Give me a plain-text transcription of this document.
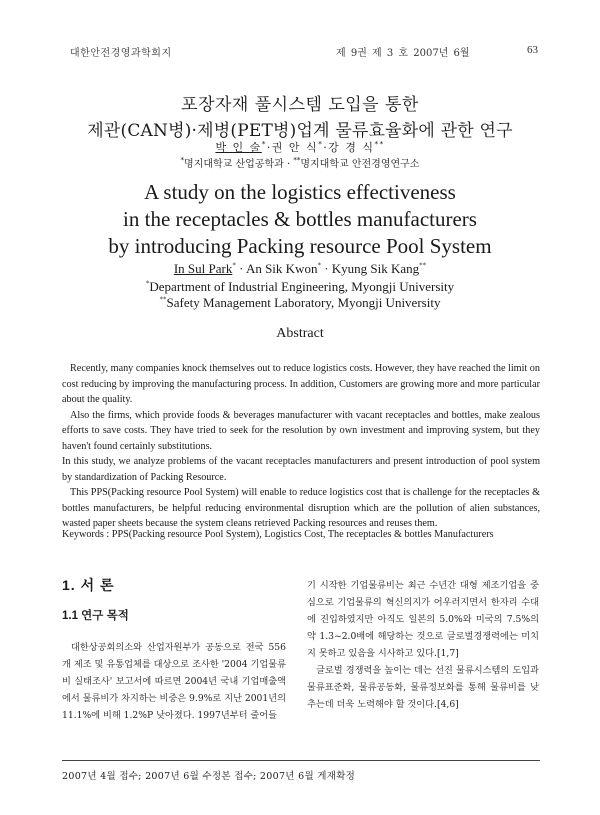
대한안전경영과학회지	제 9권 제 3 호 2007년 6월	63
포장자재 풀시스템 도입을 통한
제관(CAN병)·제병(PET병)업계 물류효율화에 관한 연구
박 인 술*·권 안 식*·강 경 식**
*명지대학교 산업공학과 · **명지대학교 안전경영연구소
A study on the logistics effectiveness
in the receptacles & bottles manufacturers
by introducing Packing resource Pool System
In Sul Park* · An Sik Kwon* · Kyung Sik Kang**
*Department of Industrial Engineering, Myongji University
**Safety Management Laboratory, Myongji University
Abstract

Recently, many companies knock themselves out to reduce logistics costs. However, they have reached the limit on cost reducing by improving the manufacturing process. In addition, Customers are growing more and more particular about the quality.

Also the firms, which provide foods & beverages manufacturer with vacant receptacles and bottles, make zealous efforts to save costs. They have tried to seek for the resolution by own investment and improving system, but they haven't found certainly substitutions.

In this study, we analyze problems of the vacant receptacles manufacturers and present introduction of pool system by standardization of Packing Resource.

This PPS(Packing resource Pool System) will enable to reduce logistics cost that is challenge for the receptacles & bottles manufacturers, be helpful reducing environmental disruption which are the pollution of alien substances, wasted paper sheets because the system cleans retrieved Packing resources and reuses them.

Keywords : PPS(Packing resource Pool System), Logistics Cost, The receptacles & bottles Manufacturers
1. 서 론
1.1 연구 목적

대한상공회의소와 산업자원부가 공동으로 전국 556개 제조 및 유통업체를 대상으로 조사한 '2004 기업물류비 실태조사' 보고서에 따르면 2004년 국내 기업매출액에서 물류비가 차지하는 비중은 9.9%로 지난 2001년의 11.1%에 비해 1.2%P 낮아졌다. 1997년부터 줄어들

기 시작한 기업물류비는 최근 수년간 대형 제조기업을 중심으로 기업물류의 혁신의지가 어우러지면서 한자리 수대에 진입하였지만 아직도 일본의 5.0%와 미국의 7.5%의 약 1.3~2.0배에 해당하는 것으로 글로벌경쟁력에는 미치지 못하고 있음을 시사하고 있다.[1,7]

글로벌 경쟁력을 높이는 데는 선진 물류시스템의 도입과 물류표준화, 물류공동화, 물류정보화를 통해 물류비를 낮추는데 더욱 노력해야 할 것이다.[4,6]

2007년 4월 접수; 2007년 6월 수정본 접수; 2007년 6월 게재확정
